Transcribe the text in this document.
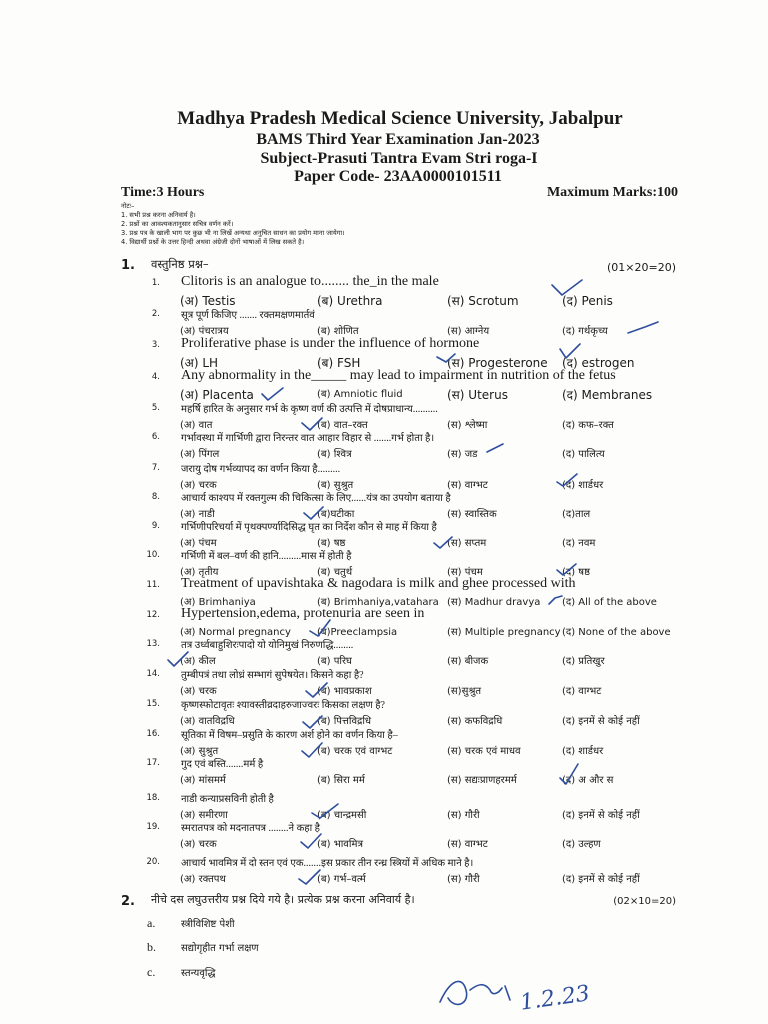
Madhya Pradesh Medical Science University, Jabalpur
BAMS Third Year Examination Jan-2023
Subject-Prasuti Tantra Evam Stri roga-I
Paper Code- 23AA0000101511
Time:3 Hours	Maximum Marks:100
नोटः–
1. सभी प्रश्न करना अनिवार्य है।
2. प्रश्नों का आवश्यकतानुसार सचित्र वर्णन करें।
3. प्रश्न पत्र के खाली भाग पर कुछ भी ना लिखें अन्यथा अनुचित साधन का प्रयोग माना जायेगा।
4. विद्यार्थी प्रश्नों के उत्तर हिन्दी अथवा अंग्रेजी दोनों भाषाओं में लिख सकते है।
1. वस्तुनिष्ठ प्रश्न–	(01×20=20)
1. Clitoris is an analogue to........ the_in the male
(अ) Testis	(ब) Urethra	(स) Scrotum	(द) Penis
2. सूत्र पूर्ण किजिए ....... रक्तमक्षणमार्तवं
(अ) पंचरात्रय	(ब) शोणित	(स) आग्नेय	(द) गर्थकृच्य
3. Proliferative phase is under the influence of hormone
(अ) LH	(ब) FSH	(स) Progesterone (द) estrogen
4. Any abnormality in the_____ may lead to impairment in nutrition of the fetus
(अ) Placenta	(ब) Amniotic fluid	(स) Uterus	(द) Membranes
5. महर्षि हारित के अनुसार गर्भ के कृष्ण वर्ण की उत्पत्ति में दोषप्राधान्य..........
(अ) वात	(ब) वात–रक्त	(स) श्लेष्मा	(द) कफ–रक्त
6. गर्भावस्था में गार्भिणी द्वारा निरन्तर वात आहार विहार से .......गर्भ होता है।
(अ) पिंगल	(ब) श्वित्र	(स) जड	(द) पालित्य
7. जरायु दोष गर्भव्यापद का वर्णन किया है.........
(अ) चरक	(ब) सुश्रुत	(स) वाग्भट	(द) शार्डधर
8. आचार्य काश्यप में रक्तगुल्म की चिकित्सा के लिए......यंत्र का उपयोग बताया है
(अ) नाडी	(ब)घटीका	(स) स्वास्तिक	(द)ताल
9. गर्भिणीपरिचर्या में पृथक्पर्ण्यादिसिद्ध घृत का निर्देश कौन से माह में किया है
(अ) पंचम	(ब) षष्ठ	(स) सप्तम	(द) नवम
10. गर्भिणी में बल–वर्ण की हानि.........मास में होती है
(अ) तृतीय	(ब) चतुर्थ	(स) पंचम	(द) षष्ठ
11. Treatment of upavishtaka & nagodara is milk and ghee processed with
(अ) Brimhaniya	(ब) Brimhaniya,vatahara (स) Madhur dravya (द) All of the above
12. Hypertension,edema, protenuria are seen in
(अ) Normal pregnancy	(ब)Preeclampsia	(स) Multiple pregnancy (द) None of the above
13. तत्र उर्ध्वबाहुशिरःपादो यो योनिमुखं निरुणद्धि........
(अ) कील	(ब) परिघ	(स) बीजक	(द) प्रतिखुर
14. तुम्बीपत्रं तथा लोध्रं सम्भागं सुपेषयेत। किसने कहा है?
(अ) चरक	(ब) भावप्रकाश	(स)सुश्रुत	(द) वाग्भट
15. कृष्णस्फोटावृतः श्यावस्तीव्रदाहरुजाज्वरः किसका लक्षण है?
(अ) वातविद्रधि	(ब) पित्तविद्रधि	(स) कफविद्रधि	(द) इनमें से कोई नहीं
16. सूतिका में विषम–प्रसुति के कारण अर्श होने का वर्णन किया है–
(अ) सुश्रुत	(ब) चरक एवं वाग्भट	(स) चरक एवं माधव	(द) शार्डधर
17. गुद एवं बस्ति.......मर्म है
(अ) मांसमर्म	(ब) सिरा मर्म	(स) सद्यःप्राणहरमर्म	(द) अ और स
18. नाडी कन्याप्रसविनी होती है
(अ) समीरणा	(ब) चान्द्रमसी	(स) गौरी	(द) इनमें से कोई नहीं
19. स्मरातपत्र को मदनातपत्र ........ने कहा है
(अ) चरक	(ब) भावमित्र	(स) वाग्भट	(द) उल्हण
20. आचार्य भावमित्र में दो स्तन एवं एक.......इस प्रकार तीन रन्ध्र स्त्रियों में अधिक माने है।
(अ) रक्तपथ	(ब) गर्भ–वर्त्म	(स) गौरी	(द) इनमें से कोई नहीं
2. नीचे दस लघुउत्तरीय प्रश्न दिये गये है। प्रत्येक प्रश्न करना अनिवार्य है।	(02×10=20)
a.	स्त्रीविशिष्ट पेशी
b.	सद्योगृहीत गर्भा लक्षण
c.	स्तन्यवृद्धि
1.2.23
